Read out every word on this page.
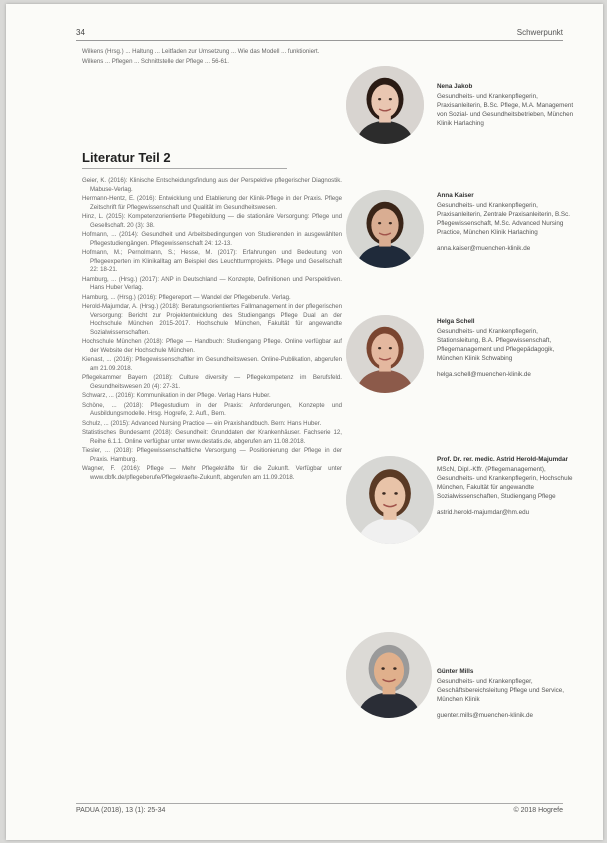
34	Schwerpunkt

Wilkens (Hrsg.) ... Haltung ... Leitfaden zur Umsetzung ... Wie das Modell ... funktioniert.

Wilkens ... Pflegen ... Schnittstelle der Pflege ... 56-61.

Literatur Teil 2

Geier, K. (2016): Klinische Entscheidungsfindung aus der Perspektive pflegerischer Diagnostik. Mabuse-Verlag.

Hermann-Hentz, E. (2016): Entwicklung und Etablierung der Klinik-Pflege in der Praxis. Pflege Zeitschrift für Pflegewissenschaft und Qualität im Gesundheitswesen.

Hinz, L. (2015): Kompetenzorientierte Pflegebildung — die stationäre Versorgung: Pflege und Gesellschaft. 20 (3): 38.

Hofmann, ... (2014): Gesundheit und Arbeitsbedingungen von Studierenden in ausgewählten Pflegestudiengängen. Pflegewissenschaft 24: 12-13.

Hofmann, M.; Pernolmann, S.; Hesse, M. (2017): Erfahrungen und Bedeutung von Pflegeexperten im Klinikalltag am Beispiel des Leuchtturmprojekts. Pflege und Gesellschaft 22: 18-21.

Hamburg, ... (Hrsg.) (2017): ANP in Deutschland — Konzepte, Definitionen und Perspektiven. Hans Huber Verlag.

Hamburg, ... (Hrsg.) (2016): Pflegereport — Wandel der Pflegeberufe. Verlag.

Herold-Majumdar, A. (Hrsg.) (2018): Beratungsorientiertes Fallmanagement in der pflegerischen Versorgung: Bericht zur Projektentwicklung des Studiengangs Pflege Dual an der Hochschule München 2015-2017. Hochschule München, Fakultät für angewandte Sozialwissenschaften.

Hochschule München (2018): Pflege — Handbuch: Studiengang Pflege. Online verfügbar auf der Website der Hochschule München.

Kienast, ... (2016): Pflegewissenschaftler im Gesundheitswesen. Online-Publikation, abgerufen am 21.09.2018.

Pflegekammer Bayern (2018): Culture diversity — Pflegekompetenz im Berufsfeld. Gesundheitswesen 20 (4): 27-31.

Schwarz, ... (2016): Kommunikation in der Pflege. Verlag Hans Huber.

Schöne, ... (2018): Pflegestudium in der Praxis: Anforderungen, Konzepte und Ausbildungsmodelle. Hrsg. Hogrefe, 2. Aufl., Bern.

Schulz, ... (2015): Advanced Nursing Practice — ein Praxishandbuch. Bern: Hans Huber.

Statistisches Bundesamt (2018): Gesundheit: Grunddaten der Krankenhäuser. Fachserie 12, Reihe 6.1.1. Online verfügbar unter www.destatis.de, abgerufen am 11.08.2018.

Tiesler, ... (2018): Pflegewissenschaftliche Versorgung — Positionierung der Pflege in der Praxis. Hamburg.

Wagner, F. (2016): Pflege — Mehr Pflegekräfte für die Zukunft. Verfügbar unter www.dbfk.de/pflegeberufe/Pflegekraefte-Zukunft, abgerufen am 11.09.2018.

Nena Jakob
Gesundheits- und Krankenpflegerin, Praxisanleiterin, B.Sc. Pflege, M.A. Management von Sozial- und Gesundheitsbetrieben, München Klinik Harlaching
Anna Kaiser
Gesundheits- und Krankenpflegerin, Praxisanleiterin, Zentrale Praxisanleiterin, B.Sc. Pflegewissenschaft, M.Sc. Advanced Nursing Practice, München Klinik Harlaching
anna.kaiser@muenchen-klinik.de
Helga Schell
Gesundheits- und Krankenpflegerin, Stationsleitung, B.A. Pflegewissenschaft, Pflegemanagement und Pflegepädagogik, München Klinik Schwabing
helga.schell@muenchen-klinik.de
Prof. Dr. rer. medic. Astrid Herold-Majumdar
MScN, Dipl.-Kffr. (Pflegemanagement), Gesundheits- und Krankenpflegerin, Hochschule München, Fakultät für angewandte Sozialwissenschaften, Studiengang Pflege
astrid.herold-majumdar@hm.edu
Günter Mills
Gesundheits- und Krankenpfleger, Geschäftsbereichsleitung Pflege und Service, München Klinik
guenter.mills@muenchen-klinik.de
PADUA (2018), 13 (1): 25-34	© 2018 Hogrefe
